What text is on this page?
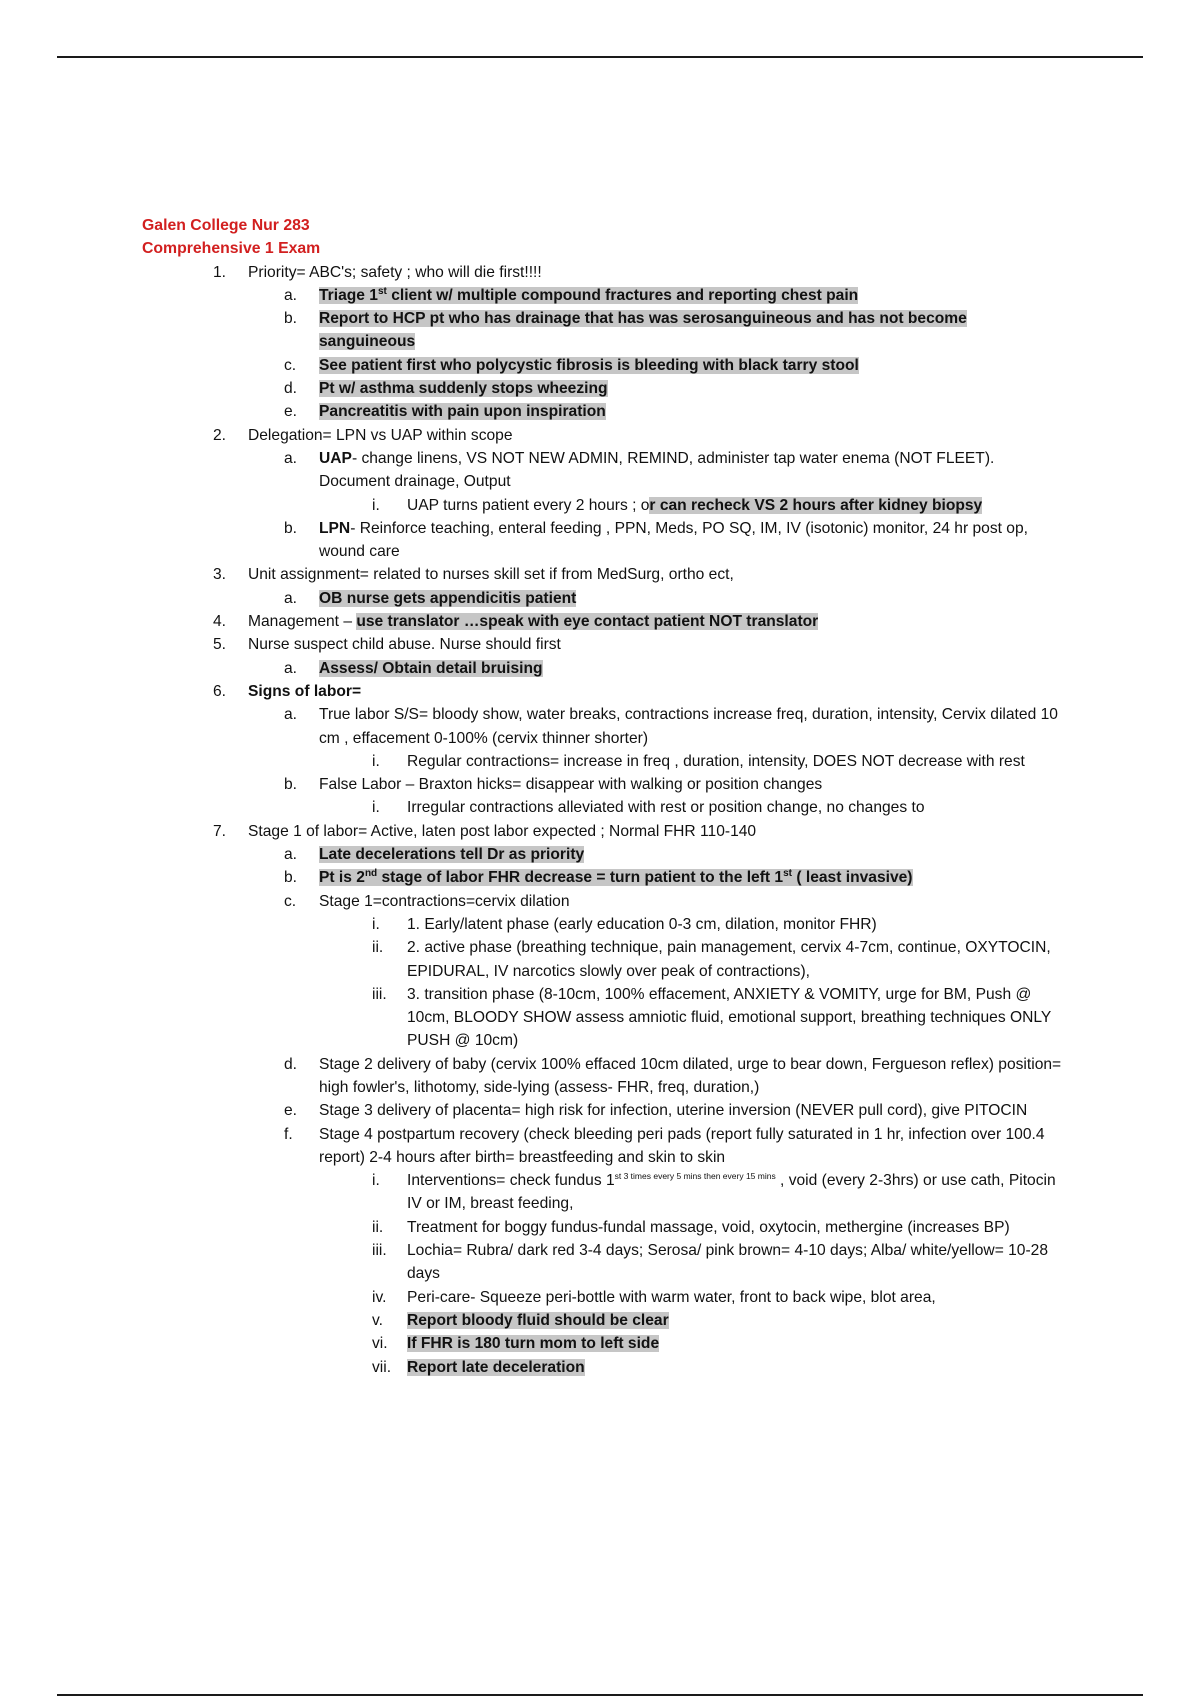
Galen College Nur 283
Comprehensive 1 Exam
1. Priority= ABC's; safety ; who will die first!!!!
a. Triage 1st client w/ multiple compound fractures and reporting chest pain
b. Report to HCP pt who has drainage that has was serosanguineous and has not become sanguineous
c. See patient first who polycystic fibrosis is bleeding with black tarry stool
d. Pt w/ asthma suddenly stops wheezing
e. Pancreatitis with pain upon inspiration
2. Delegation= LPN vs UAP within scope
a. UAP- change linens, VS NOT NEW ADMIN, REMIND, administer tap water enema (NOT FLEET). Document drainage, Output
i. UAP turns patient every 2 hours ; or can recheck VS 2 hours after kidney biopsy
b. LPN- Reinforce teaching, enteral feeding , PPN, Meds, PO SQ, IM, IV (isotonic) monitor, 24 hr post op, wound care
3. Unit assignment= related to nurses skill set if from MedSurg, ortho ect,
a. OB nurse gets appendicitis patient
4. Management – use translator …speak with eye contact patient NOT translator
5. Nurse suspect child abuse. Nurse should first
a. Assess/ Obtain detail bruising
6. Signs of labor=
a. True labor S/S= bloody show, water breaks, contractions increase freq, duration, intensity, Cervix dilated 10 cm , effacement 0-100% (cervix thinner shorter)
i. Regular contractions= increase in freq , duration, intensity, DOES NOT decrease with rest
b. False Labor – Braxton hicks= disappear with walking or position changes
i. Irregular contractions alleviated with rest or position change, no changes to
7. Stage 1 of labor= Active, laten post labor expected ; Normal FHR 110-140
a. Late decelerations tell Dr as priority
b. Pt is 2nd stage of labor FHR decrease = turn patient to the left 1st ( least invasive)
c. Stage 1=contractions=cervix dilation
i. 1. Early/latent phase (early education 0-3 cm, dilation, monitor FHR)
ii. 2. active phase (breathing technique, pain management, cervix 4-7cm, continue, OXYTOCIN, EPIDURAL, IV narcotics slowly over peak of contractions),
iii. 3. transition phase (8-10cm, 100% effacement, ANXIETY & VOMITY, urge for BM, Push @ 10cm, BLOODY SHOW assess amniotic fluid, emotional support, breathing techniques ONLY PUSH @ 10cm)
d. Stage 2 delivery of baby (cervix 100% effaced 10cm dilated, urge to bear down, Fergueson reflex) position= high fowler's, lithotomy, side-lying (assess- FHR, freq, duration,)
e. Stage 3 delivery of placenta= high risk for infection, uterine inversion (NEVER pull cord), give PITOCIN
f. Stage 4 postpartum recovery (check bleeding peri pads (report fully saturated in 1 hr, infection over 100.4 report) 2-4 hours after birth= breastfeeding and skin to skin
i. Interventions= check fundus $1^{st 3 times every 5 mins then every 15 mins}$ , void (every 2-3hrs) or use cath, Pitocin IV or IM, breast feeding,
ii. Treatment for boggy fundus-fundal massage, void, oxytocin, methergine (increases BP)
iii. Lochia= Rubra/ dark red 3-4 days; Serosa/ pink brown= 4-10 days; Alba/ white/yellow= 10-28 days
iv. Peri-care- Squeeze peri-bottle with warm water, front to back wipe, blot area,
v. Report bloody fluid should be clear
vi. If FHR is 180 turn mom to left side
vii. Report late deceleration
